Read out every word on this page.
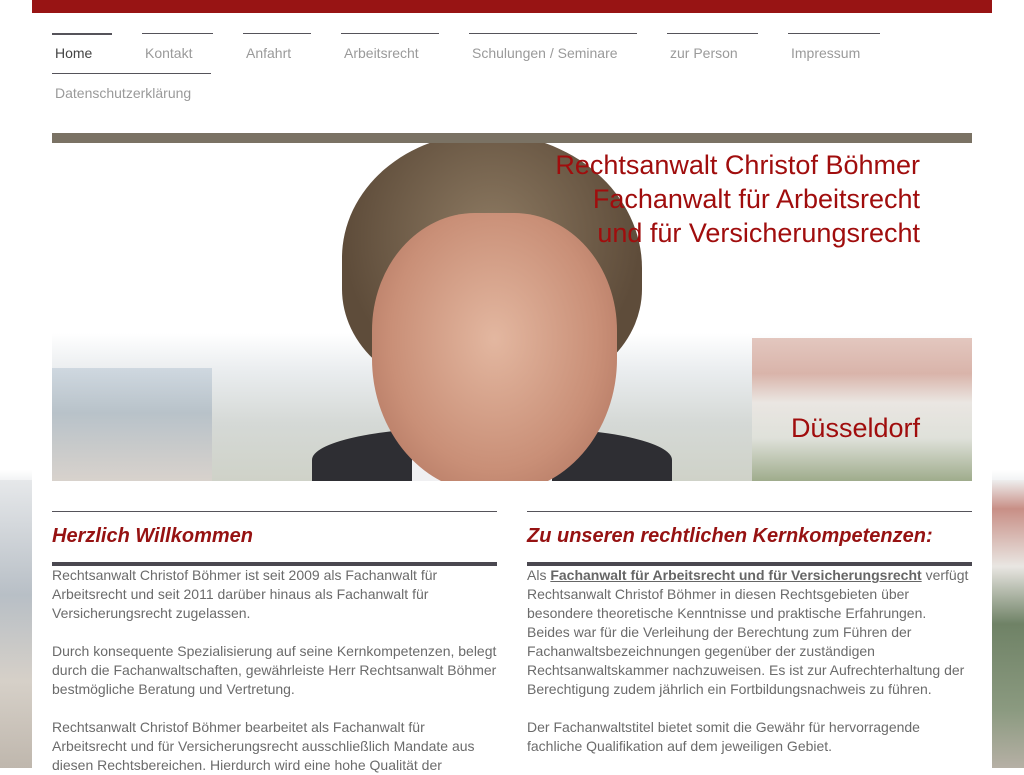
Home	Kontakt	Anfahrt	Arbeitsrecht	Schulungen / Seminare	zur Person	Impressum
Datenschutzerklärung
Rechtsanwalt Christof Böhmer
Fachanwalt für Arbeitsrecht
und für Versicherungsrecht
Düsseldorf
Herzlich Willkommen

Rechtsanwalt Christof Böhmer ist seit 2009 als Fachanwalt für Arbeitsrecht und seit 2011 darüber hinaus als Fachanwalt für Versicherungsrecht zugelassen.

Durch konsequente Spezialisierung auf seine Kernkompetenzen, belegt durch die Fachanwaltschaften, gewährleiste Herr Rechtsanwalt Böhmer bestmögliche Beratung und Vertretung.

Rechtsanwalt Christof Böhmer bearbeitet als Fachanwalt für Arbeitsrecht und für Versicherungsrecht ausschließlich Mandate aus diesen Rechtsbereichen. Hierdurch wird eine hohe Qualität der

Zu unseren rechtlichen Kernkompetenzen:

Als Fachanwalt für Arbeitsrecht und für Versicherungsrecht verfügt Rechtsanwalt Christof Böhmer in diesen Rechtsgebieten über besondere theoretische Kenntnisse und praktische Erfahrungen. Beides war für die Verleihung der Berechtung zum Führen der Fachanwaltsbezeichnungen gegenüber der zuständigen Rechtsanwaltskammer nachzuweisen. Es ist zur Aufrechterhaltung der Berechtigung zudem jährlich ein Fortbildungsnachweis zu führen.

Der Fachanwaltstitel bietet somit die Gewähr für hervorragende fachliche Qualifikation auf dem jeweiligen Gebiet.
